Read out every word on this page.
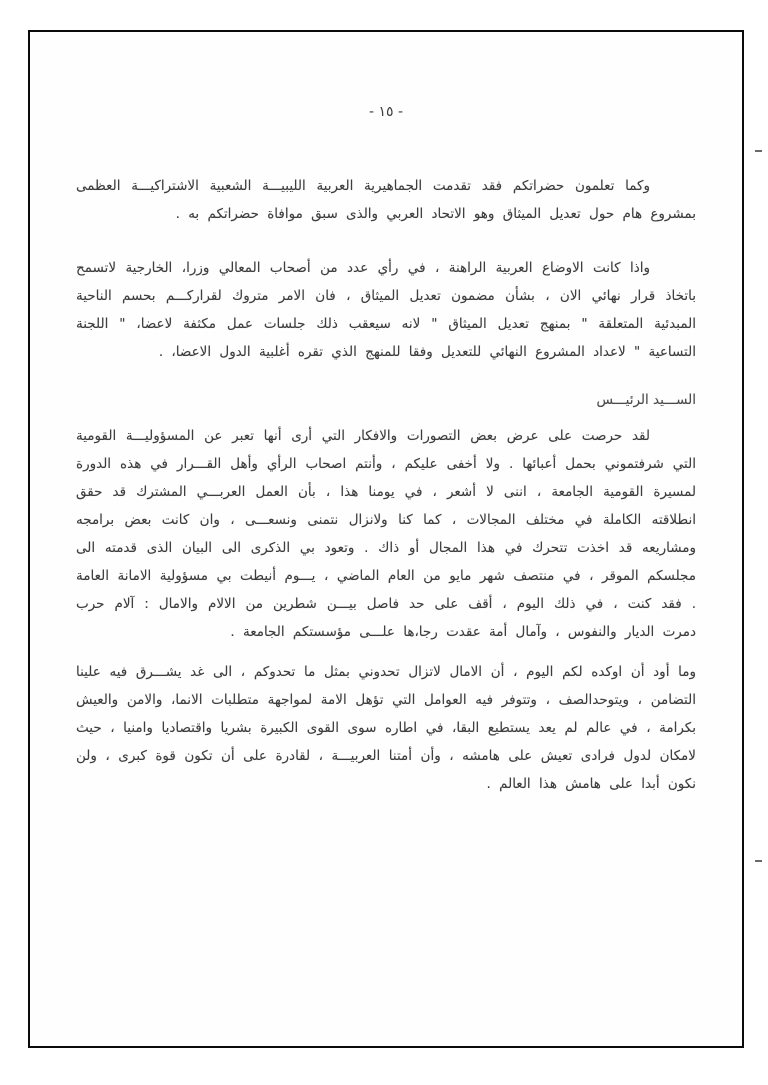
- ١٥ -

وكما تعلمون حضراتكم فقد تقدمت الجماهيرية العربية الليبيـــة الشعبية الاشتراكيـــة العظمى بمشروع هام حول تعديل الميثاق وهو الاتحاد العربي والذى سبق موافاة حضراتكم به .

واذا كانت الاوضاع العربية الراهنة ، في رأي عدد من أصحاب المعالي وزرا، الخارجية لاتسمح باتخاذ قرار نهائي الان ، بشأن مضمون تعديل الميثاق ، فان الامر متروك لقراركـــم بحسم الناحية المبدئية المتعلقة " بمنهج تعديل الميثاق " لانه سيعقب ذلك جلسات عمل مكثفة لاعضا، " اللجنة التساعية " لاعداد المشروع النهائي للتعديل وفقا للمنهج الذي تقره أغلبية الدول الاعضا، .

الســـيد الرئيـــس

لقد حرصت على عرض بعض التصورات والافكار التي أرى أنها تعبر عن المسؤوليـــة القومية التي شرفتموني بحمل أعبائها . ولا أخفى عليكم ، وأنتم اصحاب الرأي وأهل القـــرار في هذه الدورة لمسيرة القومية الجامعة ، اننى لا أشعر ، في يومنا هذا ، بأن العمل العربـــي المشترك قد حقق انطلاقته الكاملة في مختلف المجالات ، كما كنا ولانزال نتمنى ونسعـــى ، وان كانت بعض برامجه ومشاريعه قد اخذت تتحرك في هذا المجال أو ذاك . وتعود بي الذكرى الى البيان الذى قدمته الى مجلسكم الموقر ، في منتصف شهر مايو من العام الماضي ، يـــوم أنيطت بي مسؤولية الامانة العامة . فقد كنت ، في ذلك اليوم ، أقف على حد فاصل بيـــن شطرين من الالام والامال : آلام حرب دمرت الديار والنفوس ، وآمال أمة عقدت رجا،ها علـــى مؤسستكم الجامعة .

وما أود أن اوكده لكم اليوم ، أن الامال لاتزال تحدوني بمثل ما تحدوكم ، الى غد يشـــرق فيه علينا التضامن ، ويتوحدالصف ، وتتوفر فيه العوامل التي تؤهل الامة لمواجهة متطلبات الانما، والامن والعيش بكرامة ، في عالم لم يعد يستطيع البقا، في اطاره سوى القوى الكبيرة بشريا واقتصاديا وامنيا ، حيث لامكان لدول فرادى تعيش على هامشه ، وأن أمتنا العربيـــة ، لقادرة على أن تكون قوة كبرى ، ولن نكون أبدا على هامش هذا العالم .
